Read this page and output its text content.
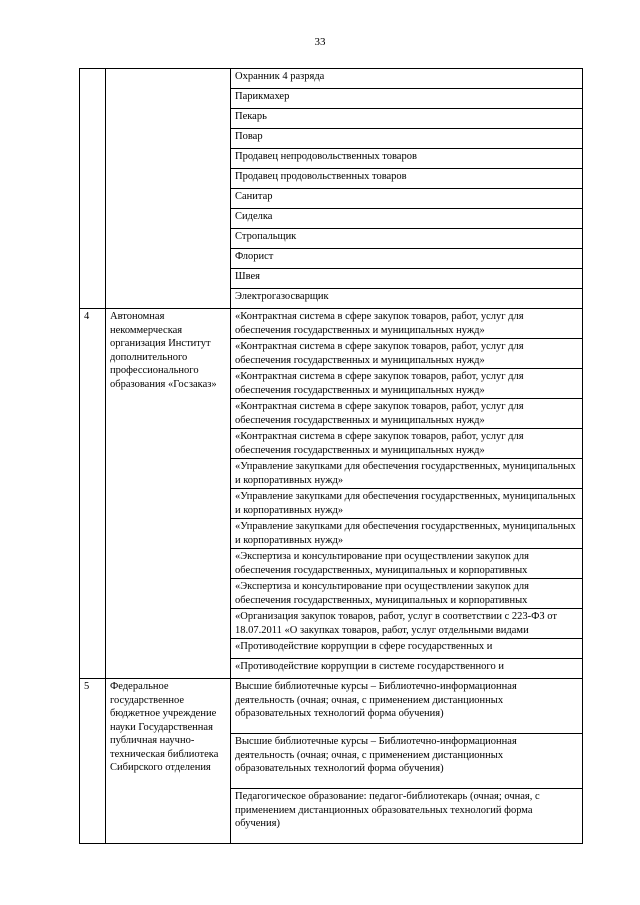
33
		Охранник 4 разряда
		Парикмахер
		Пекарь
		Повар
		Продавец непродовольственных товаров
		Продавец продовольственных товаров
		Санитар
		Сиделка
		Стропальщик
		Флорист
		Швея
		Электрогазосварщик
4	Автономная некоммерческая организация Институт дополнительного профессионального образования «Госзаказ»	«Контрактная система в сфере закупок товаров, работ, услуг для обеспечения государственных и муниципальных нужд»

		«Контрактная система в сфере закупок товаров, работ, услуг для обеспечения государственных и муниципальных нужд»

		«Контрактная система в сфере закупок товаров, работ, услуг для обеспечения государственных и муниципальных нужд»

		«Контрактная система в сфере закупок товаров, работ, услуг для обеспечения государственных и муниципальных нужд»

		«Контрактная система в сфере закупок товаров, работ, услуг для обеспечения государственных и муниципальных нужд»

		«Управление закупками для обеспечения государственных, муниципальных и корпоративных нужд»

		«Управление закупками для обеспечения государственных, муниципальных и корпоративных нужд»

		«Управление закупками для обеспечения государственных, муниципальных и корпоративных нужд»

		«Экспертиза и консультирование при осуществлении закупок для обеспечения государственных, муниципальных и корпоративных

		«Экспертиза и консультирование при осуществлении закупок для обеспечения государственных, муниципальных и корпоративных

		«Организация закупок товаров, работ, услуг в соответствии с 223-ФЗ от 18.07.2011 «О закупках товаров, работ, услуг отдельными видами

		«Противодействие коррупции в сфере государственных и
		«Противодействие коррупции в системе государственного и
5	Федеральное государственное бюджетное учреждение науки Государственная публичная научно-техническая библиотека Сибирского отделения	Высшие библиотечные курсы – Библиотечно-информационная деятельность (очная; очная, с применением дистанционных образовательных технологий форма обучения)
		Высшие библиотечные курсы – Библиотечно-информационная деятельность (очная; очная, с применением дистанционных образовательных технологий форма обучения)
		Педагогическое образование: педагог-библиотекарь (очная; очная, с применением дистанционных образовательных технологий форма обучения)
